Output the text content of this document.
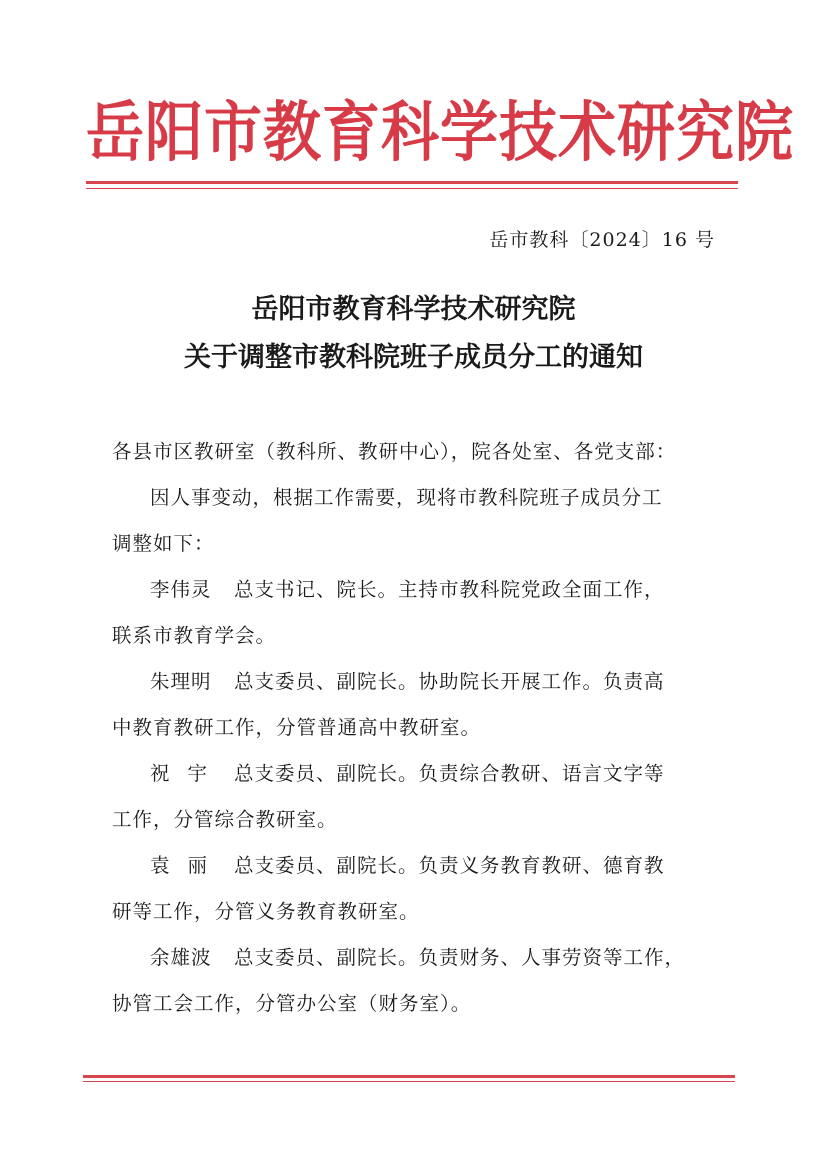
岳阳市教育科学技术研究院
岳市教科〔2024〕16 号
岳阳市教育科学技术研究院
关于调整市教科院班子成员分工的通知
各县市区教研室（教科所、教研中心），院各处室、各党支部：
因人事变动，根据工作需要，现将市教科院班子成员分工
调整如下：
李伟灵 总支书记、院长。主持市教科院党政全面工作，
联系市教育学会。
朱理明 总支委员、副院长。协助院长开展工作。负责高
中教育教研工作，分管普通高中教研室。
祝宇 总支委员、副院长。负责综合教研、语言文字等
工作，分管综合教研室。
袁丽 总支委员、副院长。负责义务教育教研、德育教
研等工作，分管义务教育教研室。
余雄波 总支委员、副院长。负责财务、人事劳资等工作，
协管工会工作，分管办公室（财务室）。
